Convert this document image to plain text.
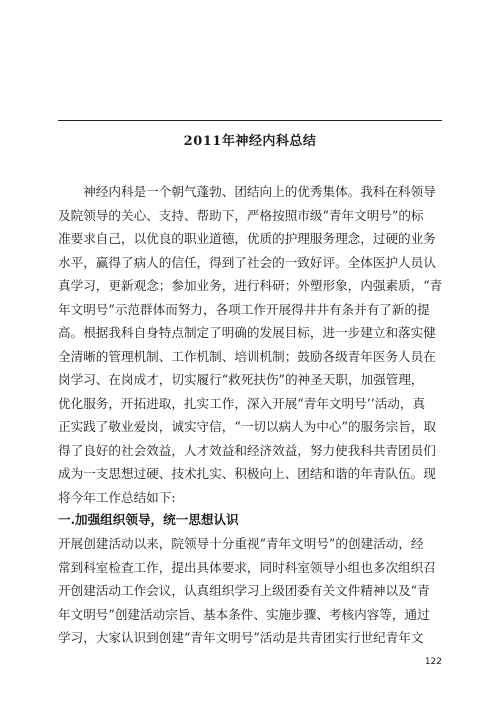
2011年神经内科总结
　　神经内科是一个朝气蓬勃、团结向上的优秀集体。我科在科领导
及院领导的关心、支持、帮助下，严格按照市级“青年文明号”的标
准要求自己，以优良的职业道德，优质的护理服务理念，过硬的业务
水平，赢得了病人的信任，得到了社会的一致好评。全体医护人员认
真学习，更新观念；参加业务，进行科研；外塑形象，内强素质，“青
年文明号”示范群体而努力，各项工作开展得井井有条并有了新的提
高。根据我科自身特点制定了明确的发展目标，进一步建立和落实健
全清晰的管理机制、工作机制、培训机制；鼓励各级青年医务人员在
岗学习、在岗成才，切实履行“救死扶伤”的神圣天职，加强管理，
优化服务，开拓进取，扎实工作，深入开展“青年文明号’’活动，真
正实践了敬业爱岗，诚实守信，“一切以病人为中心”的服务宗旨，取
得了良好的社会效益，人才效益和经济效益，努力使我科共青团员们
成为一支思想过硬、技术扎实、积极向上、团结和谐的年青队伍。现
将今年工作总结如下:
一.加强组织领导，统一思想认识
开展创建活动以来，院领导十分重视“青年文明号”的创建活动，经
常到科室检查工作，提出具体要求，同时科室领导小组也多次组织召
开创建活动工作会议，认真组织学习上级团委有关文件精神以及“青
年文明号”创建活动宗旨、基本条件、实施步骤、考核内容等，通过
学习，大家认识到创建“青年文明号”活动是共青团实行世纪青年文
122
